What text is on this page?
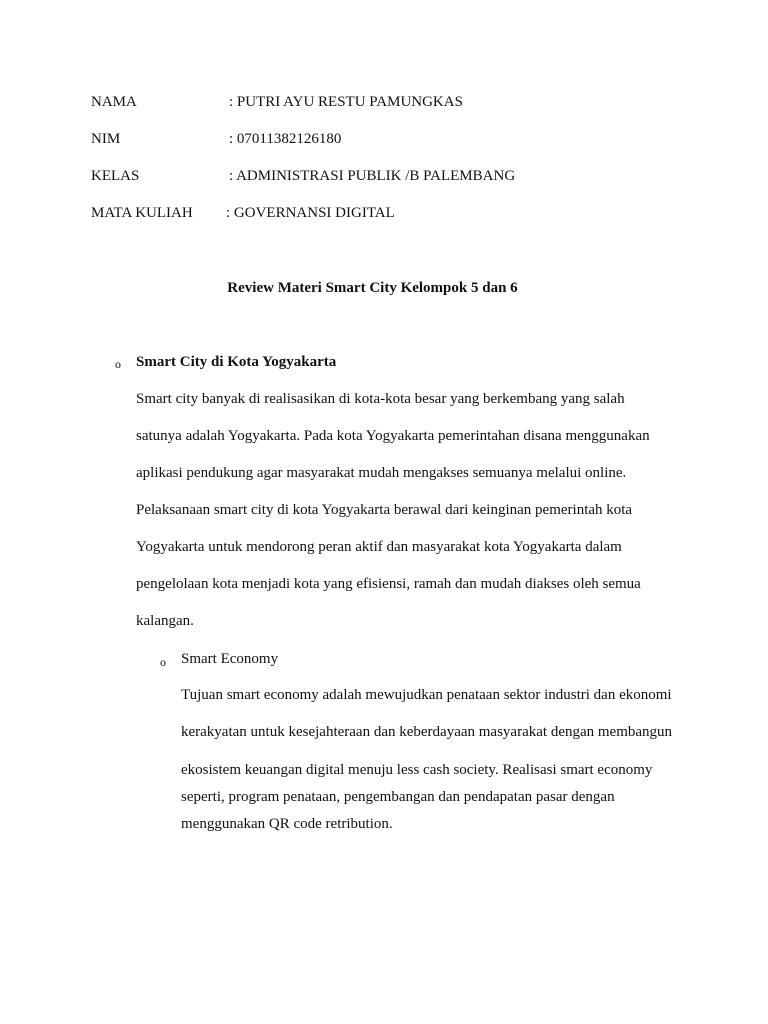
NAMA	: PUTRI AYU RESTU PAMUNGKAS
NIM	: 07011382126180
KELAS	: ADMINISTRASI PUBLIK /B PALEMBANG
MATA KULIAH : GOVERNANSI DIGITAL
Review Materi Smart City Kelompok 5 dan 6
o Smart City di Kota Yogyakarta
Smart city banyak di realisasikan di kota-kota besar yang berkembang yang salah
satunya adalah Yogyakarta. Pada kota Yogyakarta pemerintahan disana menggunakan
aplikasi pendukung agar masyarakat mudah mengakses semuanya melalui online.
Pelaksanaan smart city di kota Yogyakarta berawal dari keinginan pemerintah kota
Yogyakarta untuk mendorong peran aktif dan masyarakat kota Yogyakarta dalam
pengelolaan kota menjadi kota yang efisiensi, ramah dan mudah diakses oleh semua
kalangan.
o Smart Economy
Tujuan smart economy adalah mewujudkan penataan sektor industri dan ekonomi
kerakyatan untuk kesejahteraan dan keberdayaan masyarakat dengan membangun
ekosistem keuangan digital menuju less cash society. Realisasi smart economy
seperti, program penataan, pengembangan dan pendapatan pasar dengan
menggunakan QR code retribution.
